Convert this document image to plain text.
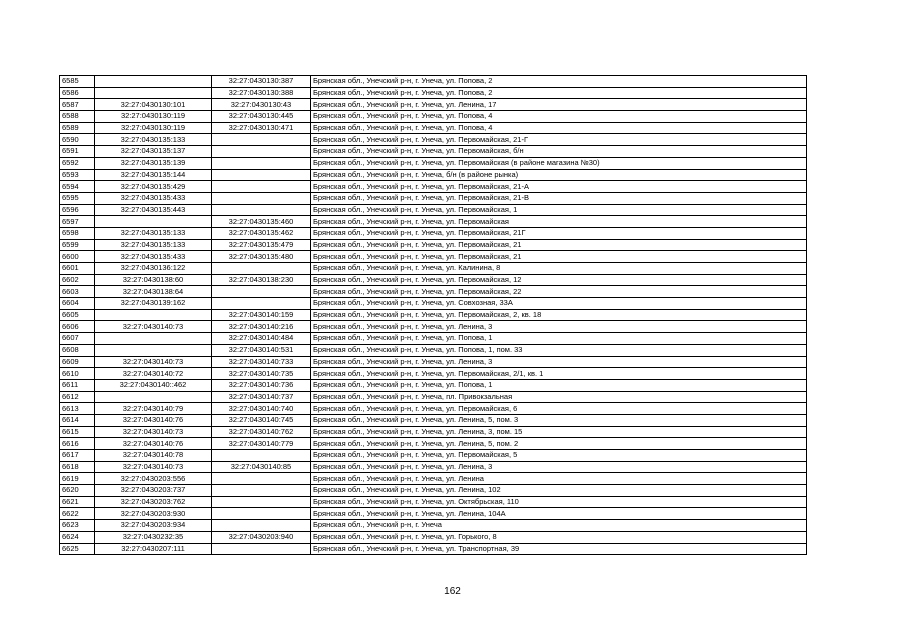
6585		32:27:0430130:387	Брянская обл., Унечский р-н, г. Унеча, ул. Попова, 2
6586		32:27:0430130:388	Брянская обл., Унечский р-н, г. Унеча, ул. Попова, 2
6587	32:27:0430130:101	32:27:0430130:43	Брянская обл., Унечский р-н, г. Унеча, ул. Ленина, 17
6588	32:27:0430130:119	32:27:0430130:445	Брянская обл., Унечский р-н, г. Унеча, ул. Попова, 4
6589	32:27:0430130:119	32:27:0430130:471	Брянская обл., Унечский р-н, г. Унеча, ул. Попова, 4
6590	32:27:0430135:133		Брянская обл., Унечский р-н, г. Унеча, ул. Первомайская, 21-Г
6591	32:27:0430135:137		Брянская обл., Унечский р-н, г. Унеча, ул. Первомайская, б/н
6592	32:27:0430135:139		Брянская обл., Унечский р-н, г. Унеча, ул. Первомайская (в районе магазина №30)
6593	32:27:0430135:144		Брянская обл., Унечский р-н, г. Унеча, б/н (в районе рынка)
6594	32:27:0430135:429		Брянская обл., Унечский р-н, г. Унеча, ул. Первомайская, 21-А
6595	32:27:0430135:433		Брянская обл., Унечский р-н, г. Унеча, ул. Первомайская, 21-В
6596	32:27:0430135:443		Брянская обл., Унечский р-н, г. Унеча, ул. Первомайская, 1
6597		32:27:0430135:460	Брянская обл., Унечский р-н, г. Унеча, ул. Первомайская
6598	32:27:0430135:133	32:27:0430135:462	Брянская обл., Унечский р-н, г. Унеча, ул. Первомайская, 21Г
6599	32:27:0430135:133	32:27:0430135:479	Брянская обл., Унечский р-н, г. Унеча, ул. Первомайская, 21
6600	32:27:0430135:433	32:27:0430135:480	Брянская обл., Унечский р-н, г. Унеча, ул. Первомайская, 21
6601	32:27:0430136:122		Брянская обл., Унечский р-н, г. Унеча, ул. Калинина, 8
6602	32:27:0430138:60	32:27:0430138:230	Брянская обл., Унечский р-н, г. Унеча, ул. Первомайская, 12
6603	32:27:0430138:64		Брянская обл., Унечский р-н, г. Унеча, ул. Первомайская, 22
6604	32:27:0430139:162		Брянская обл., Унечский р-н, г. Унеча, ул. Совхозная, 33А
6605		32:27:0430140:159	Брянская обл., Унечский р-н, г. Унеча, ул. Первомайская, 2, кв. 18
6606	32:27:0430140:73	32:27:0430140:216	Брянская обл., Унечский р-н, г. Унеча, ул. Ленина, 3
6607		32:27:0430140:484	Брянская обл., Унечский р-н, г. Унеча, ул. Попова, 1
6608		32:27:0430140:531	Брянская обл., Унечский р-н, г. Унеча, ул. Попова, 1, пом. 33
6609	32:27:0430140:73	32:27:0430140:733	Брянская обл., Унечский р-н, г. Унеча, ул. Ленина, 3
6610	32:27:0430140:72	32:27:0430140:735	Брянская обл., Унечский р-н, г. Унеча, ул. Первомайская, 2/1, кв. 1
6611	32:27:0430140::462	32:27:0430140:736	Брянская обл., Унечский р-н, г. Унеча, ул. Попова, 1
6612		32:27:0430140:737	Брянская обл., Унечский р-н, г. Унеча, пл. Привокзальная
6613	32:27:0430140:79	32:27:0430140:740	Брянская обл., Унечский р-н, г. Унеча, ул. Первомайская, 6
6614	32:27:0430140:76	32:27:0430140:745	Брянская обл., Унечский р-н, г. Унеча, ул. Ленина, 5, пом. 3
6615	32:27:0430140:73	32:27:0430140:762	Брянская обл., Унечский р-н, г. Унеча, ул. Ленина, 3, пом. 15
6616	32:27:0430140:76	32:27:0430140:779	Брянская обл., Унечский р-н, г. Унеча, ул. Ленина, 5, пом. 2
6617	32:27:0430140:78		Брянская обл., Унечский р-н, г. Унеча, ул. Первомайская, 5
6618	32:27:0430140:73	32:27:0430140:85	Брянская обл., Унечский р-н, г. Унеча, ул. Ленина, 3
6619	32:27:0430203:556		Брянская обл., Унечский р-н, г. Унеча, ул. Ленина
6620	32:27:0430203:737		Брянская обл., Унечский р-н, г. Унеча, ул. Ленина, 102
6621	32:27:0430203:762		Брянская обл., Унечский р-н, г. Унеча, ул. Октябрьская, 110
6622	32:27:0430203:930		Брянская обл., Унечский р-н, г. Унеча, ул. Ленина, 104А
6623	32:27:0430203:934		Брянская обл., Унечский р-н, г. Унеча
6624	32:27:0430232:35	32:27:0430203:940	Брянская обл., Унечский р-н, г. Унеча, ул. Горького, 8
6625	32:27:0430207:111		Брянская обл., Унечский р-н, г. Унеча, ул. Транспортная, 39
162
